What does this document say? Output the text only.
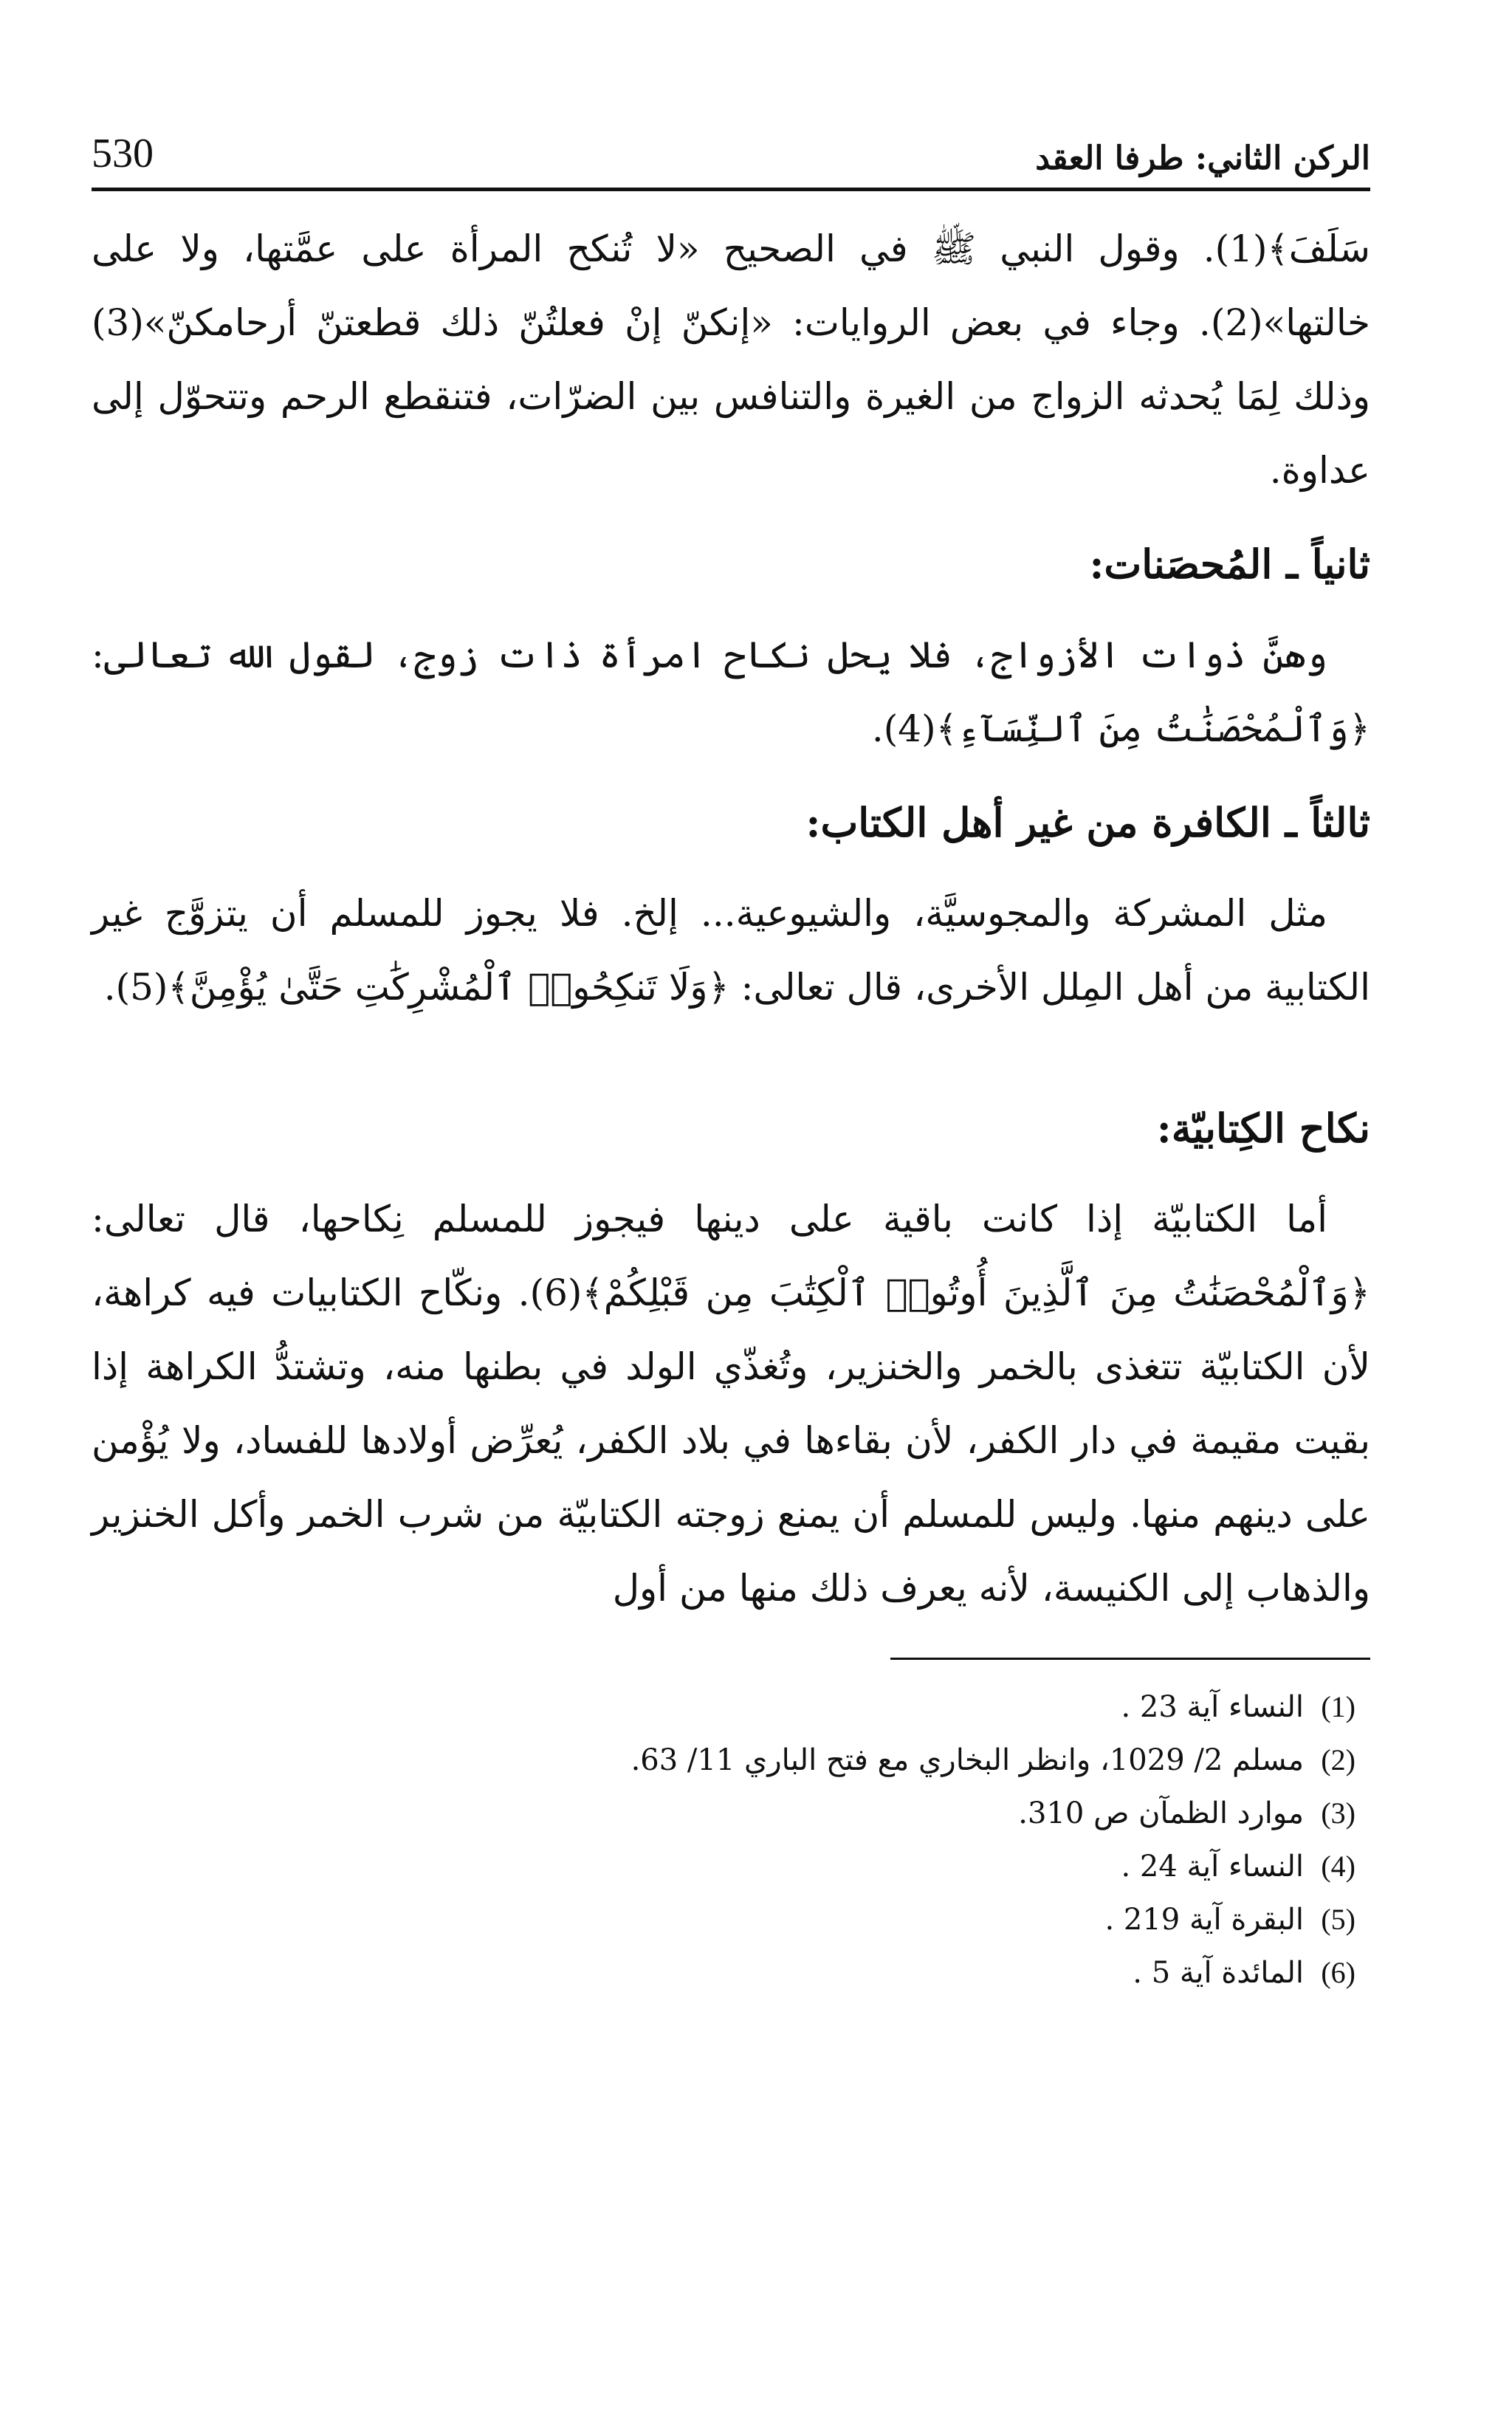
الركن الثاني: طرفا العقد
530

سَلَفَ﴾(1). وقول النبي ﷺ في الصحيح «لا تُنكح المرأة على عمَّتها، ولا على خالتها»(2). وجاء في بعض الروايات: «إنكنّ إنْ فعلتُنّ ذلك قطعتنّ أرحامكنّ»(3) وذلك لِمَا يُحدثه الزواج من الغيرة والتنافس بين الضرّات، فتنقطع الرحم وتتحوّل إلى عداوة.

ثانياً ـ المُحصَنات:

وهنَّ ذوات الأزواج، فلا يحل نكاح امرأة ذات زوج، لقول الله تعالى: ﴿وَٱلْمُحْصَنَٰتُ مِنَ ٱلنِّسَآءِ﴾(4).

ثالثاً ـ الكافرة من غير أهل الكتاب:

مثل المشركة والمجوسيَّة، والشيوعية... إلخ. فلا يجوز للمسلم أن يتزوَّج غير الكتابية من أهل المِلل الأخرى، قال تعالى: ﴿وَلَا تَنكِحُوا۟ ٱلْمُشْرِكَٰتِ حَتَّىٰ يُؤْمِنَّ﴾(5).

نكاح الكِتابيّة:

أما الكتابيّة إذا كانت باقية على دينها فيجوز للمسلم نِكاحها، قال تعالى: ﴿وَٱلْمُحْصَنَٰتُ مِنَ ٱلَّذِينَ أُوتُوا۟ ٱلْكِتَٰبَ مِن قَبْلِكُمْ﴾(6). ونكّاح الكتابيات فيه كراهة، لأن الكتابيّة تتغذى بالخمر والخنزير، وتُغذّي الولد في بطنها منه، وتشتدُّ الكراهة إذا بقيت مقيمة في دار الكفر، لأن بقاءها في بلاد الكفر، يُعرِّض أولادها للفساد، ولا يُؤْمن على دينهم منها. وليس للمسلم أن يمنع زوجته الكتابيّة من شرب الخمر وأكل الخنزير والذهاب إلى الكنيسة، لأنه يعرف ذلك منها من أول

(1)النساء آية 23 .
(2)مسلم 2/ 1029، وانظر البخاري مع فتح الباري 11/ 63.
(3)موارد الظمآن ص 310.
(4)النساء آية 24 .
(5)البقرة آية 219 .
(6)المائدة آية 5 .
